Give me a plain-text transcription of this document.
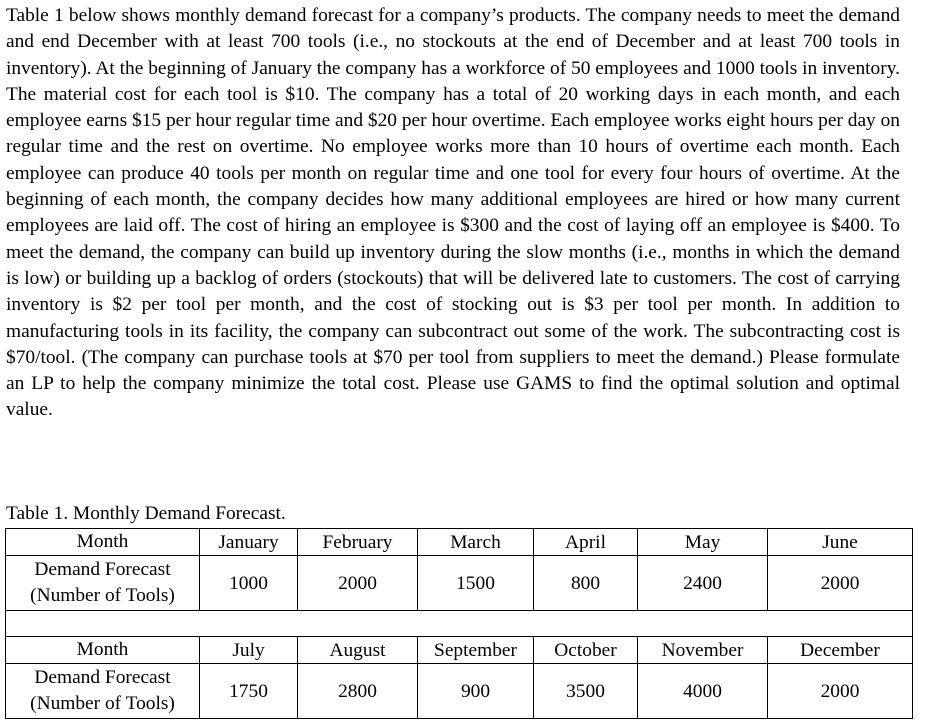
Table 1 below shows monthly demand forecast for a company’s products. The company needs to meet the demand and end December with at least 700 tools (i.e., no stockouts at the end of December and at least 700 tools in inventory). At the beginning of January the company has a workforce of 50 employees and 1000 tools in inventory. The material cost for each tool is $10. The company has a total of 20 working days in each month, and each employee earns $15 per hour regular time and $20 per hour overtime. Each employee works eight hours per day on regular time and the rest on overtime. No employee works more than 10 hours of overtime each month. Each employee can produce 40 tools per month on regular time and one tool for every four hours of overtime. At the beginning of each month, the company decides how many additional employees are hired or how many current employees are laid off. The cost of hiring an employee is $300 and the cost of laying off an employee is $400. To meet the demand, the company can build up inventory during the slow months (i.e., months in which the demand is low) or building up a backlog of orders (stockouts) that will be delivered late to customers. The cost of carrying inventory is $2 per tool per month, and the cost of stocking out is $3 per tool per month. In addition to manufacturing tools in its facility, the company can subcontract out some of the work. The subcontracting cost is $70/tool. (The company can purchase tools at $70 per tool from suppliers to meet the demand.) Please formulate an LP to help the company minimize the total cost. Please use GAMS to find the optimal solution and optimal value.

Table 1. Monthly Demand Forecast.

Month	January	February	March	April	May	June

Demand Forecast
(Number of Tools)	1000	2000	1500	800	2400	2000

Month	July	August	September	October	November	December

Demand Forecast
(Number of Tools)	1750	2800	900	3500	4000	2000
